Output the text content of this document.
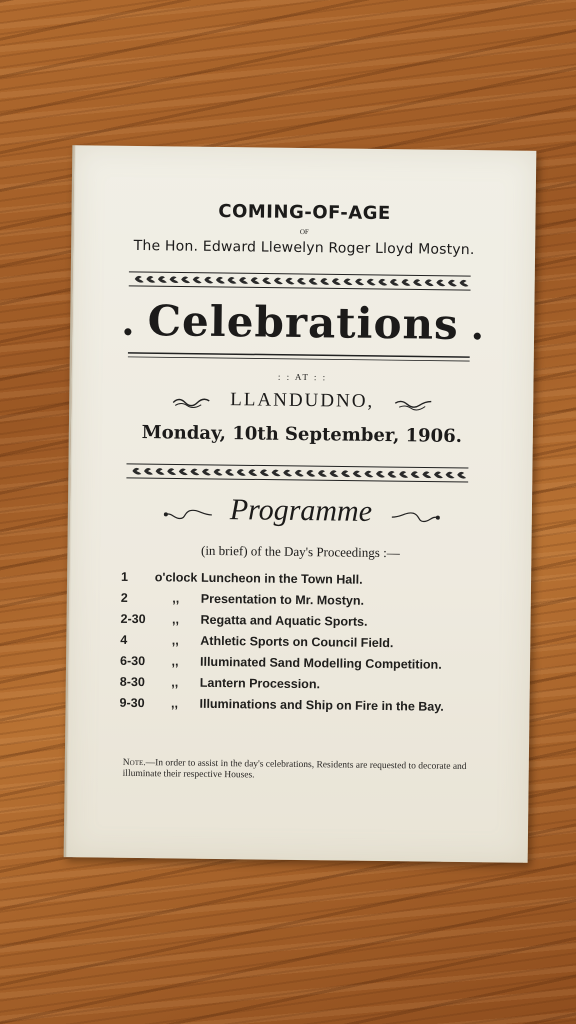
COMING-OF-AGE
OF
The Hon. Edward Llewelyn Roger Lloyd Mostyn.
. Celebrations .
: : AT : :
LLANDUDNO,
Monday, 10th September, 1906.
Programme
(in brief) of the Day's Proceedings :—
1	o'clock Luncheon in the Town Hall.
2	,,	Presentation to Mr. Mostyn.
2-30	,,	Regatta and Aquatic Sports.
4	,,	Athletic Sports on Council Field.
6-30	,,	Illuminated Sand Modelling Competition.
8-30	,,	Lantern Procession.
9-30	,,	Illuminations and Ship on Fire in the Bay.
Note.—In order to assist in the day's celebrations, Residents are requested to decorate and illuminate their respective Houses.
